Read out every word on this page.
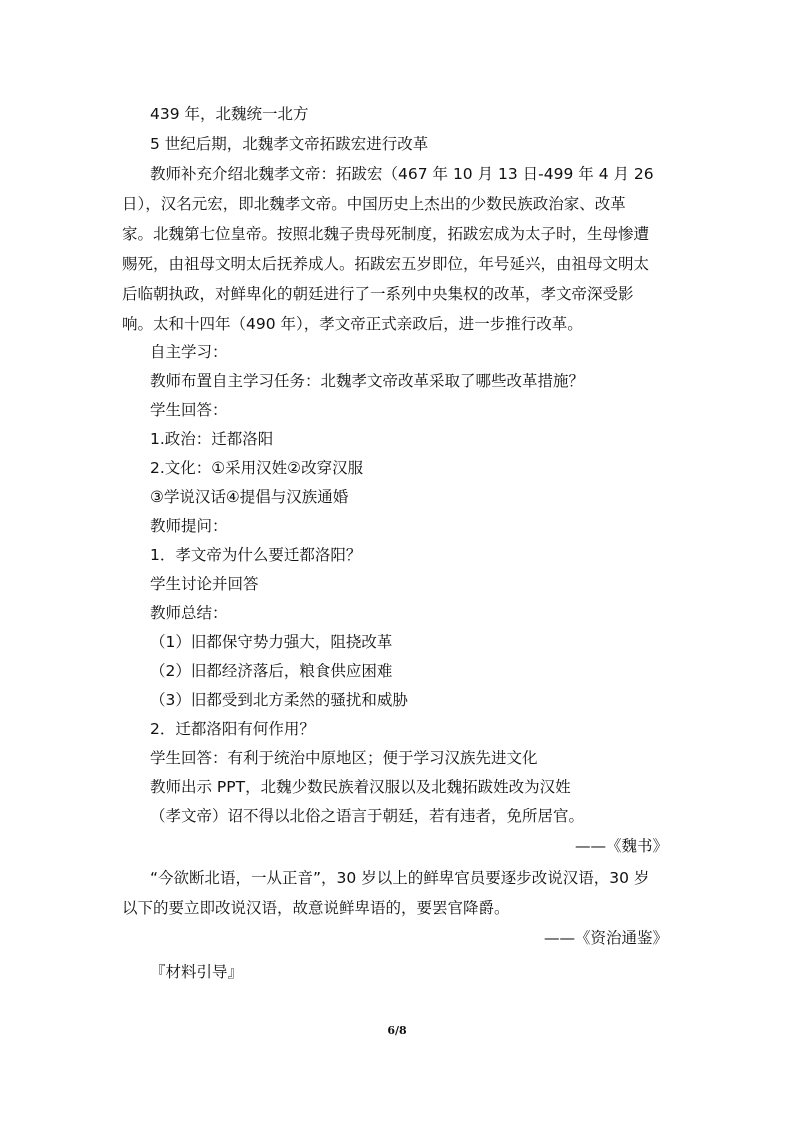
439 年，北魏统一北方
5 世纪后期，北魏孝文帝拓跋宏进行改革
教师补充介绍北魏孝文帝：拓跋宏（467 年 10 月 13 日-499 年 4 月 26
日），汉名元宏，即北魏孝文帝。中国历史上杰出的少数民族政治家、改革
家。北魏第七位皇帝。按照北魏子贵母死制度，拓跋宏成为太子时，生母惨遭
赐死，由祖母文明太后抚养成人。拓跋宏五岁即位，年号延兴，由祖母文明太
后临朝执政，对鲜卑化的朝廷进行了一系列中央集权的改革，孝文帝深受影
响。太和十四年（490 年），孝文帝正式亲政后，进一步推行改革。
自主学习：
教师布置自主学习任务：北魏孝文帝改革采取了哪些改革措施？
学生回答：
1.政治：迁都洛阳
2.文化：①采用汉姓②改穿汉服
③学说汉话④提倡与汉族通婚
教师提问：
1．孝文帝为什么要迁都洛阳？
学生讨论并回答
教师总结：
（1）旧都保守势力强大，阻挠改革
（2）旧都经济落后，粮食供应困难
（3）旧都受到北方柔然的骚扰和威胁
2．迁都洛阳有何作用？
学生回答：有利于统治中原地区；便于学习汉族先进文化
教师出示 PPT，北魏少数民族着汉服以及北魏拓跋姓改为汉姓
（孝文帝）诏不得以北俗之语言于朝廷，若有违者，免所居官。
——《魏书》
“今欲断北语，一从正音”，30 岁以上的鲜卑官员要逐步改说汉语，30 岁
以下的要立即改说汉语，故意说鲜卑语的，要罢官降爵。
——《资治通鉴》
『材料引导』
6/8
